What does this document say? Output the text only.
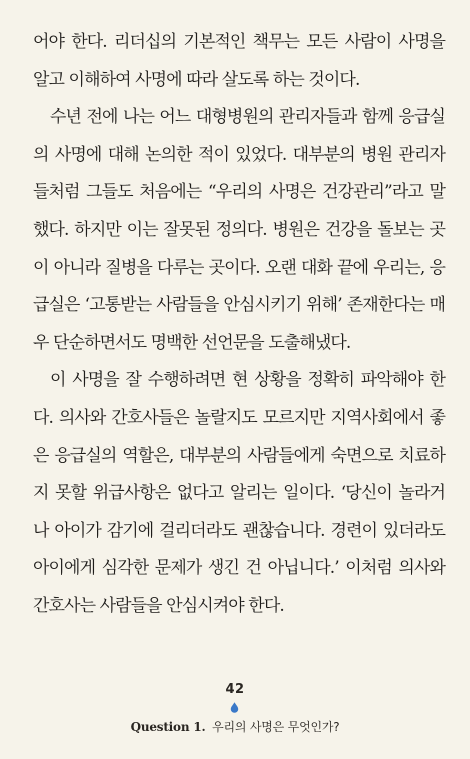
어야 한다. 리더십의 기본적인 책무는 모든 사람이 사명을 알고 이해하여 사명에 따라 살도록 하는 것이다.

수년 전에 나는 어느 대형병원의 관리자들과 함께 응급실의 사명에 대해 논의한 적이 있었다. 대부분의 병원 관리자들처럼 그들도 처음에는 “우리의 사명은 건강관리”라고 말했다. 하지만 이는 잘못된 정의다. 병원은 건강을 돌보는 곳이 아니라 질병을 다루는 곳이다. 오랜 대화 끝에 우리는, 응급실은 ‘고통받는 사람들을 안심시키기 위해’ 존재한다는 매우 단순하면서도 명백한 선언문을 도출해냈다.

이 사명을 잘 수행하려면 현 상황을 정확히 파악해야 한다. 의사와 간호사들은 놀랄지도 모르지만 지역사회에서 좋은 응급실의 역할은, 대부분의 사람들에게 숙면으로 치료하지 못할 위급사항은 없다고 알리는 일이다. ‘당신이 놀라거나 아이가 감기에 걸리더라도 괜찮습니다. 경련이 있더라도 아이에게 심각한 문제가 생긴 건 아닙니다.’ 이처럼 의사와 간호사는 사람들을 안심시켜야 한다.

42
Question 1. 우리의 사명은 무엇인가?
